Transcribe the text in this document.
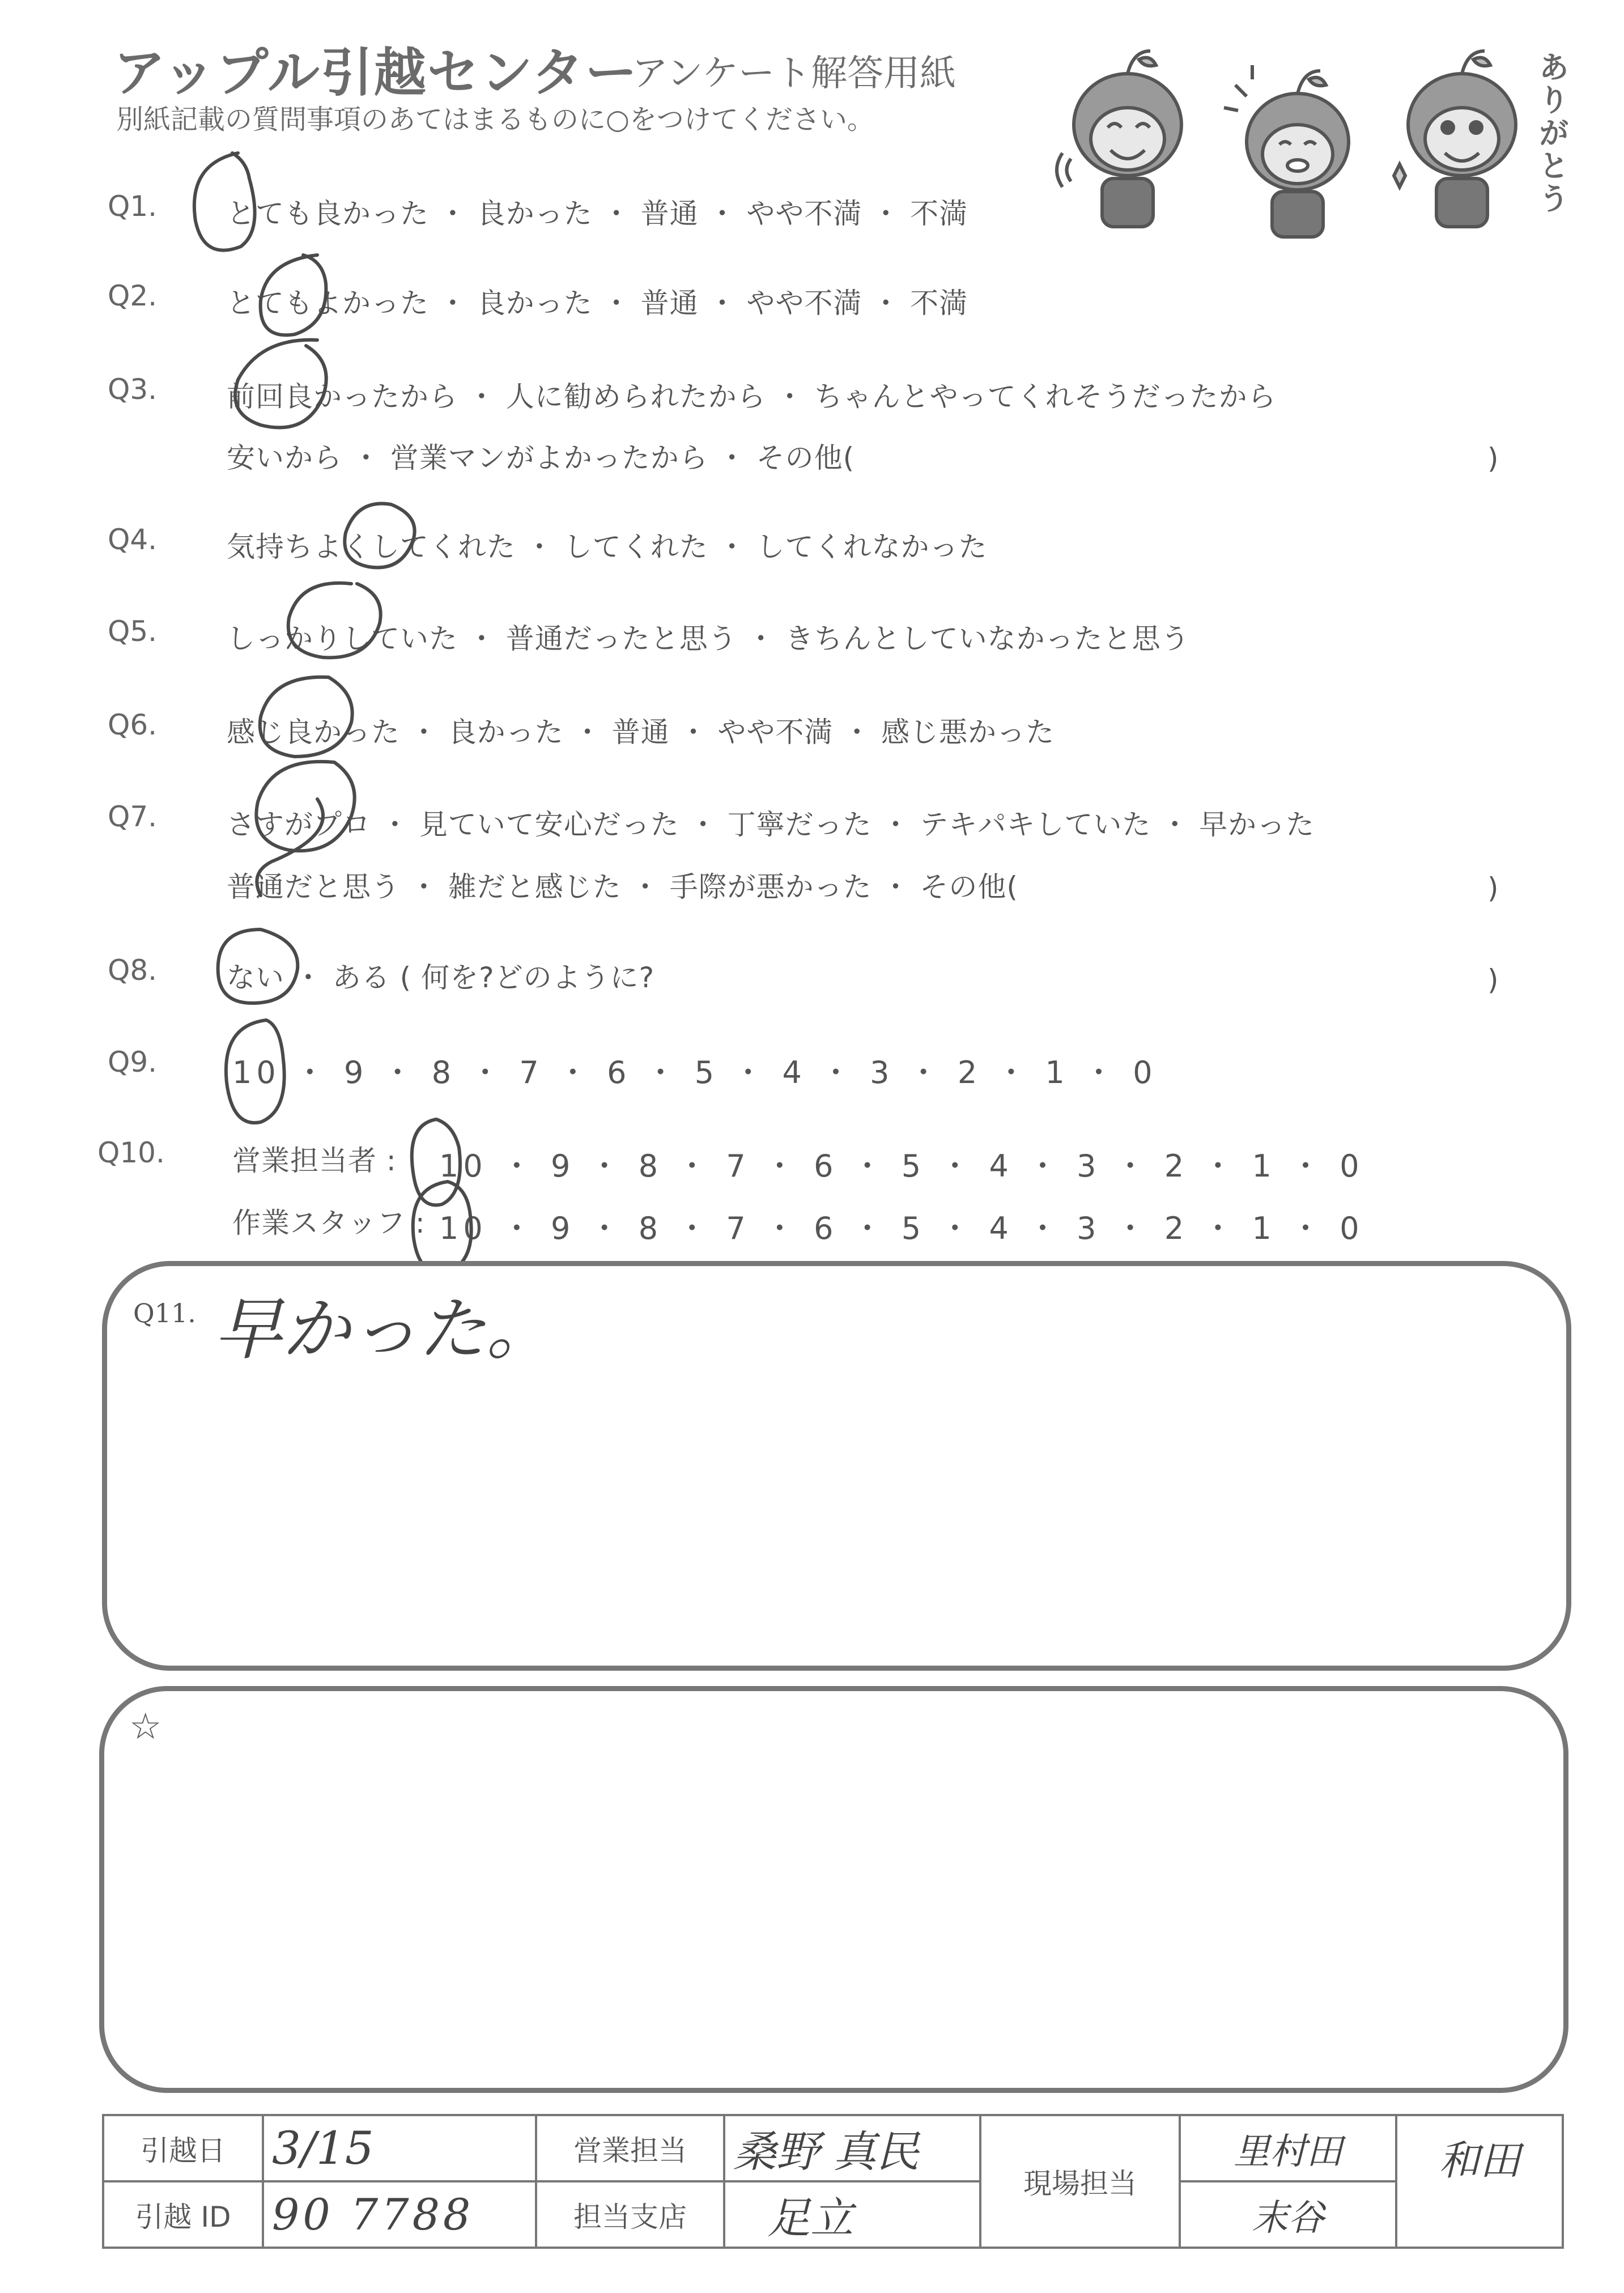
アップル引越センター
アンケート解答用紙
別紙記載の質問事項のあてはまるものに○をつけてください。	ありがとう
Q1. とても良かった ・ 良かった ・ 普通 ・ やや不満 ・ 不満
Q2. とてもよかった ・ 良かった ・ 普通 ・ やや不満 ・ 不満
Q3. 前回良かったから ・ 人に勧められたから ・ ちゃんとやってくれそうだったから
安いから ・ 営業マンがよかったから ・ その他(	)
Q4. 気持ちよくしてくれた ・ してくれた ・ してくれなかった
Q5. しっかりしていた ・ 普通だったと思う ・ きちんとしていなかったと思う
Q6. 感じ良かった ・ 良かった ・ 普通 ・ やや不満 ・ 感じ悪かった
Q7. さすがプロ ・ 見ていて安心だった ・ 丁寧だった ・ テキパキしていた ・ 早かった
普通だと思う ・ 雑だと感じた ・ 手際が悪かった ・ その他(	)
Q8. ない ・ ある ( 何を?どのように?	)
Q9. 10 ・ 9 ・ 8 ・ 7 ・ 6 ・ 5 ・ 4 ・ 3 ・ 2 ・ 1 ・ 0
Q10. 営業担当者 : 10 ・ 9 ・ 8 ・ 7 ・ 6 ・ 5 ・ 4 ・ 3 ・ 2 ・ 1 ・ 0
作業スタッフ : 10 ・ 9 ・ 8 ・ 7 ・ 6 ・ 5 ・ 4 ・ 3 ・ 2 ・ 1 ・ 0
Q11. 早かった。
☆
引越日	3/15	営業担当	桑野 真民	現場担当	里村田	和田
引越 ID	90 7788	担当支店	足立		末谷	
